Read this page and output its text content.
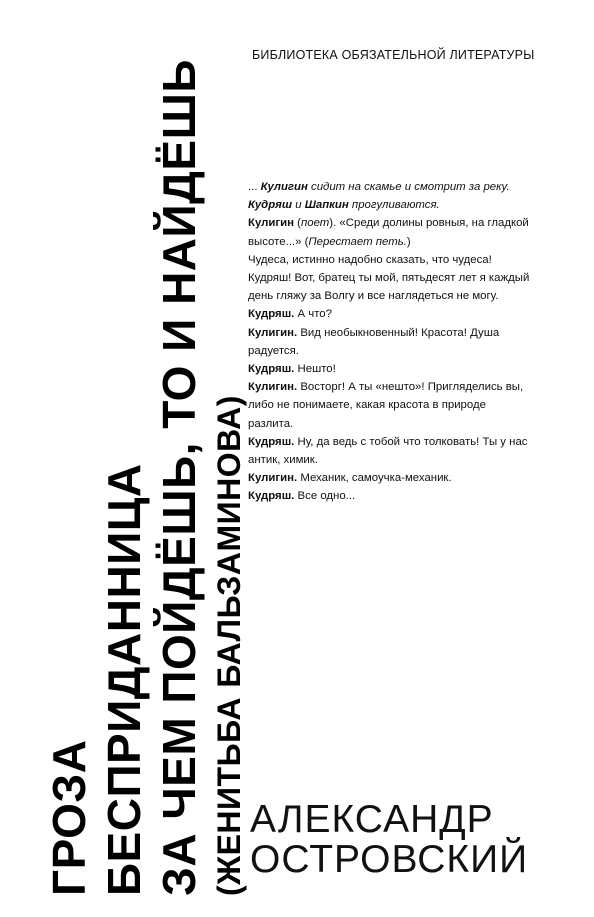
БИБЛИОТЕКА ОБЯЗАТЕЛЬНОЙ ЛИТЕРАТУРЫ
ГРОЗА БЕСПРИДАННИЦА ЗА ЧЕМ ПОЙДЁШЬ, ТО И НАЙДЁШЬ (ЖЕНИТЬБА БАЛЬЗАМИНОВА)

... Кулигин сидит на скамье и смотрит за реку. Кудряш и Шапкин прогуливаются.

Кулигин (поет). «Среди долины ровныя, на гладкой высоте...» (Перестает петь.)

Чудеса, истинно надобно сказать, что чудеса! Кудряш! Вот, братец ты мой, пятьдесят лет я каждый день гляжу за Волгу и все наглядеться не могу.

Кудряш. А что?

Кулигин. Вид необыкновенный! Красота! Душа радуется.

Кудряш. Нешто!

Кулигин. Восторг! А ты «нешто»! Пригляделись вы, либо не понимаете, какая красота в природе разлита.

Кудряш. Ну, да ведь с тобой что толковать! Ты у нас антик, химик.

Кулигин. Механик, самоучка-механик.

Кудряш. Все одно...

АЛЕКСАНДР
ОСТРОВСКИЙ
